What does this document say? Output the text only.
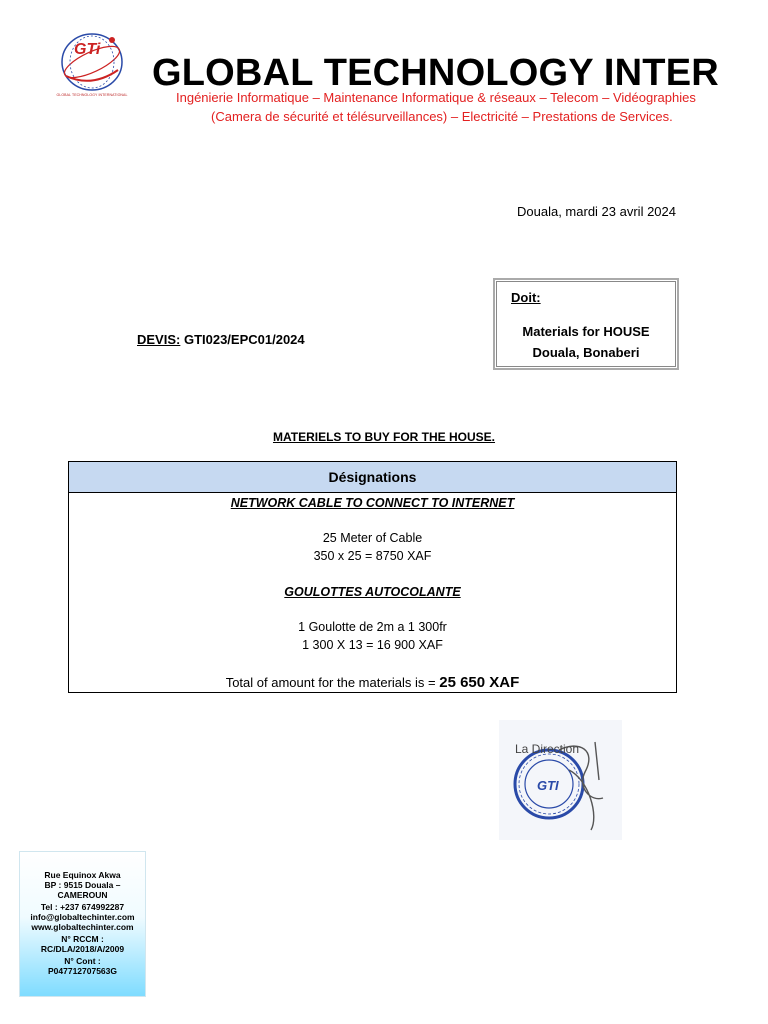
GTi
GLOBAL TECHNOLOGY INTERNATIONAL
GLOBAL TECHNOLOGY INTER
Ingénierie Informatique – Maintenance Informatique & réseaux – Telecom – Vidéographies
(Camera de sécurité et télésurveillances) – Electricité – Prestations de Services.
Douala, mardi 23 avril 2024
Doit:
Materials for HOUSE
Douala, Bonaberi
DEVIS: GTI023/EPC01/2024
MATERIELS TO BUY FOR THE HOUSE.
Désignations
NETWORK CABLE TO CONNECT TO INTERNET
25 Meter of Cable
350 x 25 = 8750 XAF
GOULOTTES AUTOCOLANTE
1 Goulotte de 2m a 1 300fr
1 300 X 13 = 16 900 XAF
Total of amount for the materials is = 25 650 XAF
GTI
La Direction
Rue Equinox Akwa
BP : 9515 Douala –
CAMEROUN
Tel : +237 674992287
info@globaltechinter.com
www.globaltechinter.com
N° RCCM :
RC/DLA/2018/A/2009
N° Cont :
P047712707563G
